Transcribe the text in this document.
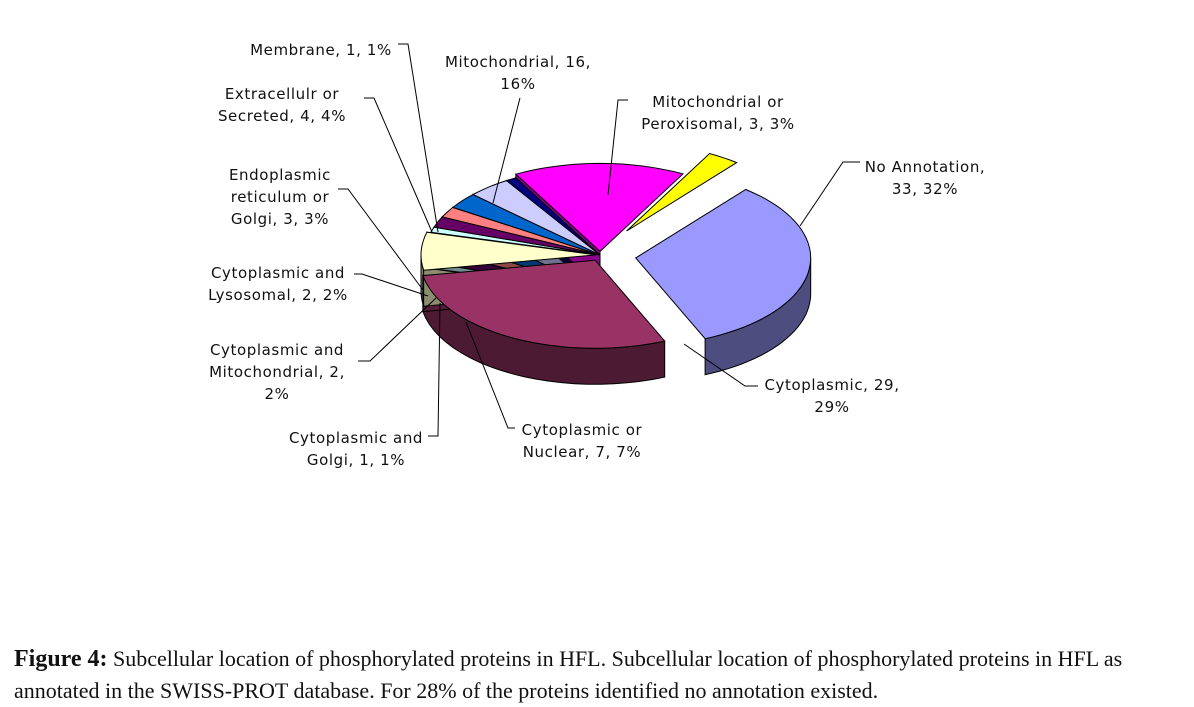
No Annotation, 33, 32%
Cytoplasmic, 29, 29%
Cytoplasmic or Nuclear, 7, 7%
Cytoplasmic and Golgi, 1, 1%
Cytoplasmic and Mitochondrial, 2, 2%
Cytoplasmic and Lysosomal, 2, 2%
Endoplasmic reticulum or Golgi, 3, 3%
Extracellulr or Secreted, 4, 4%
Membrane, 1, 1%
Mitochondrial, 16, 16%
Mitochondrial or Peroxisomal, 3, 3%
Figure 4: Subcellular location of phosphorylated proteins in HFL. Subcellular location of phosphorylated proteins in HFL as annotated in the SWISS-PROT database. For 28% of the proteins identified no annotation existed.
